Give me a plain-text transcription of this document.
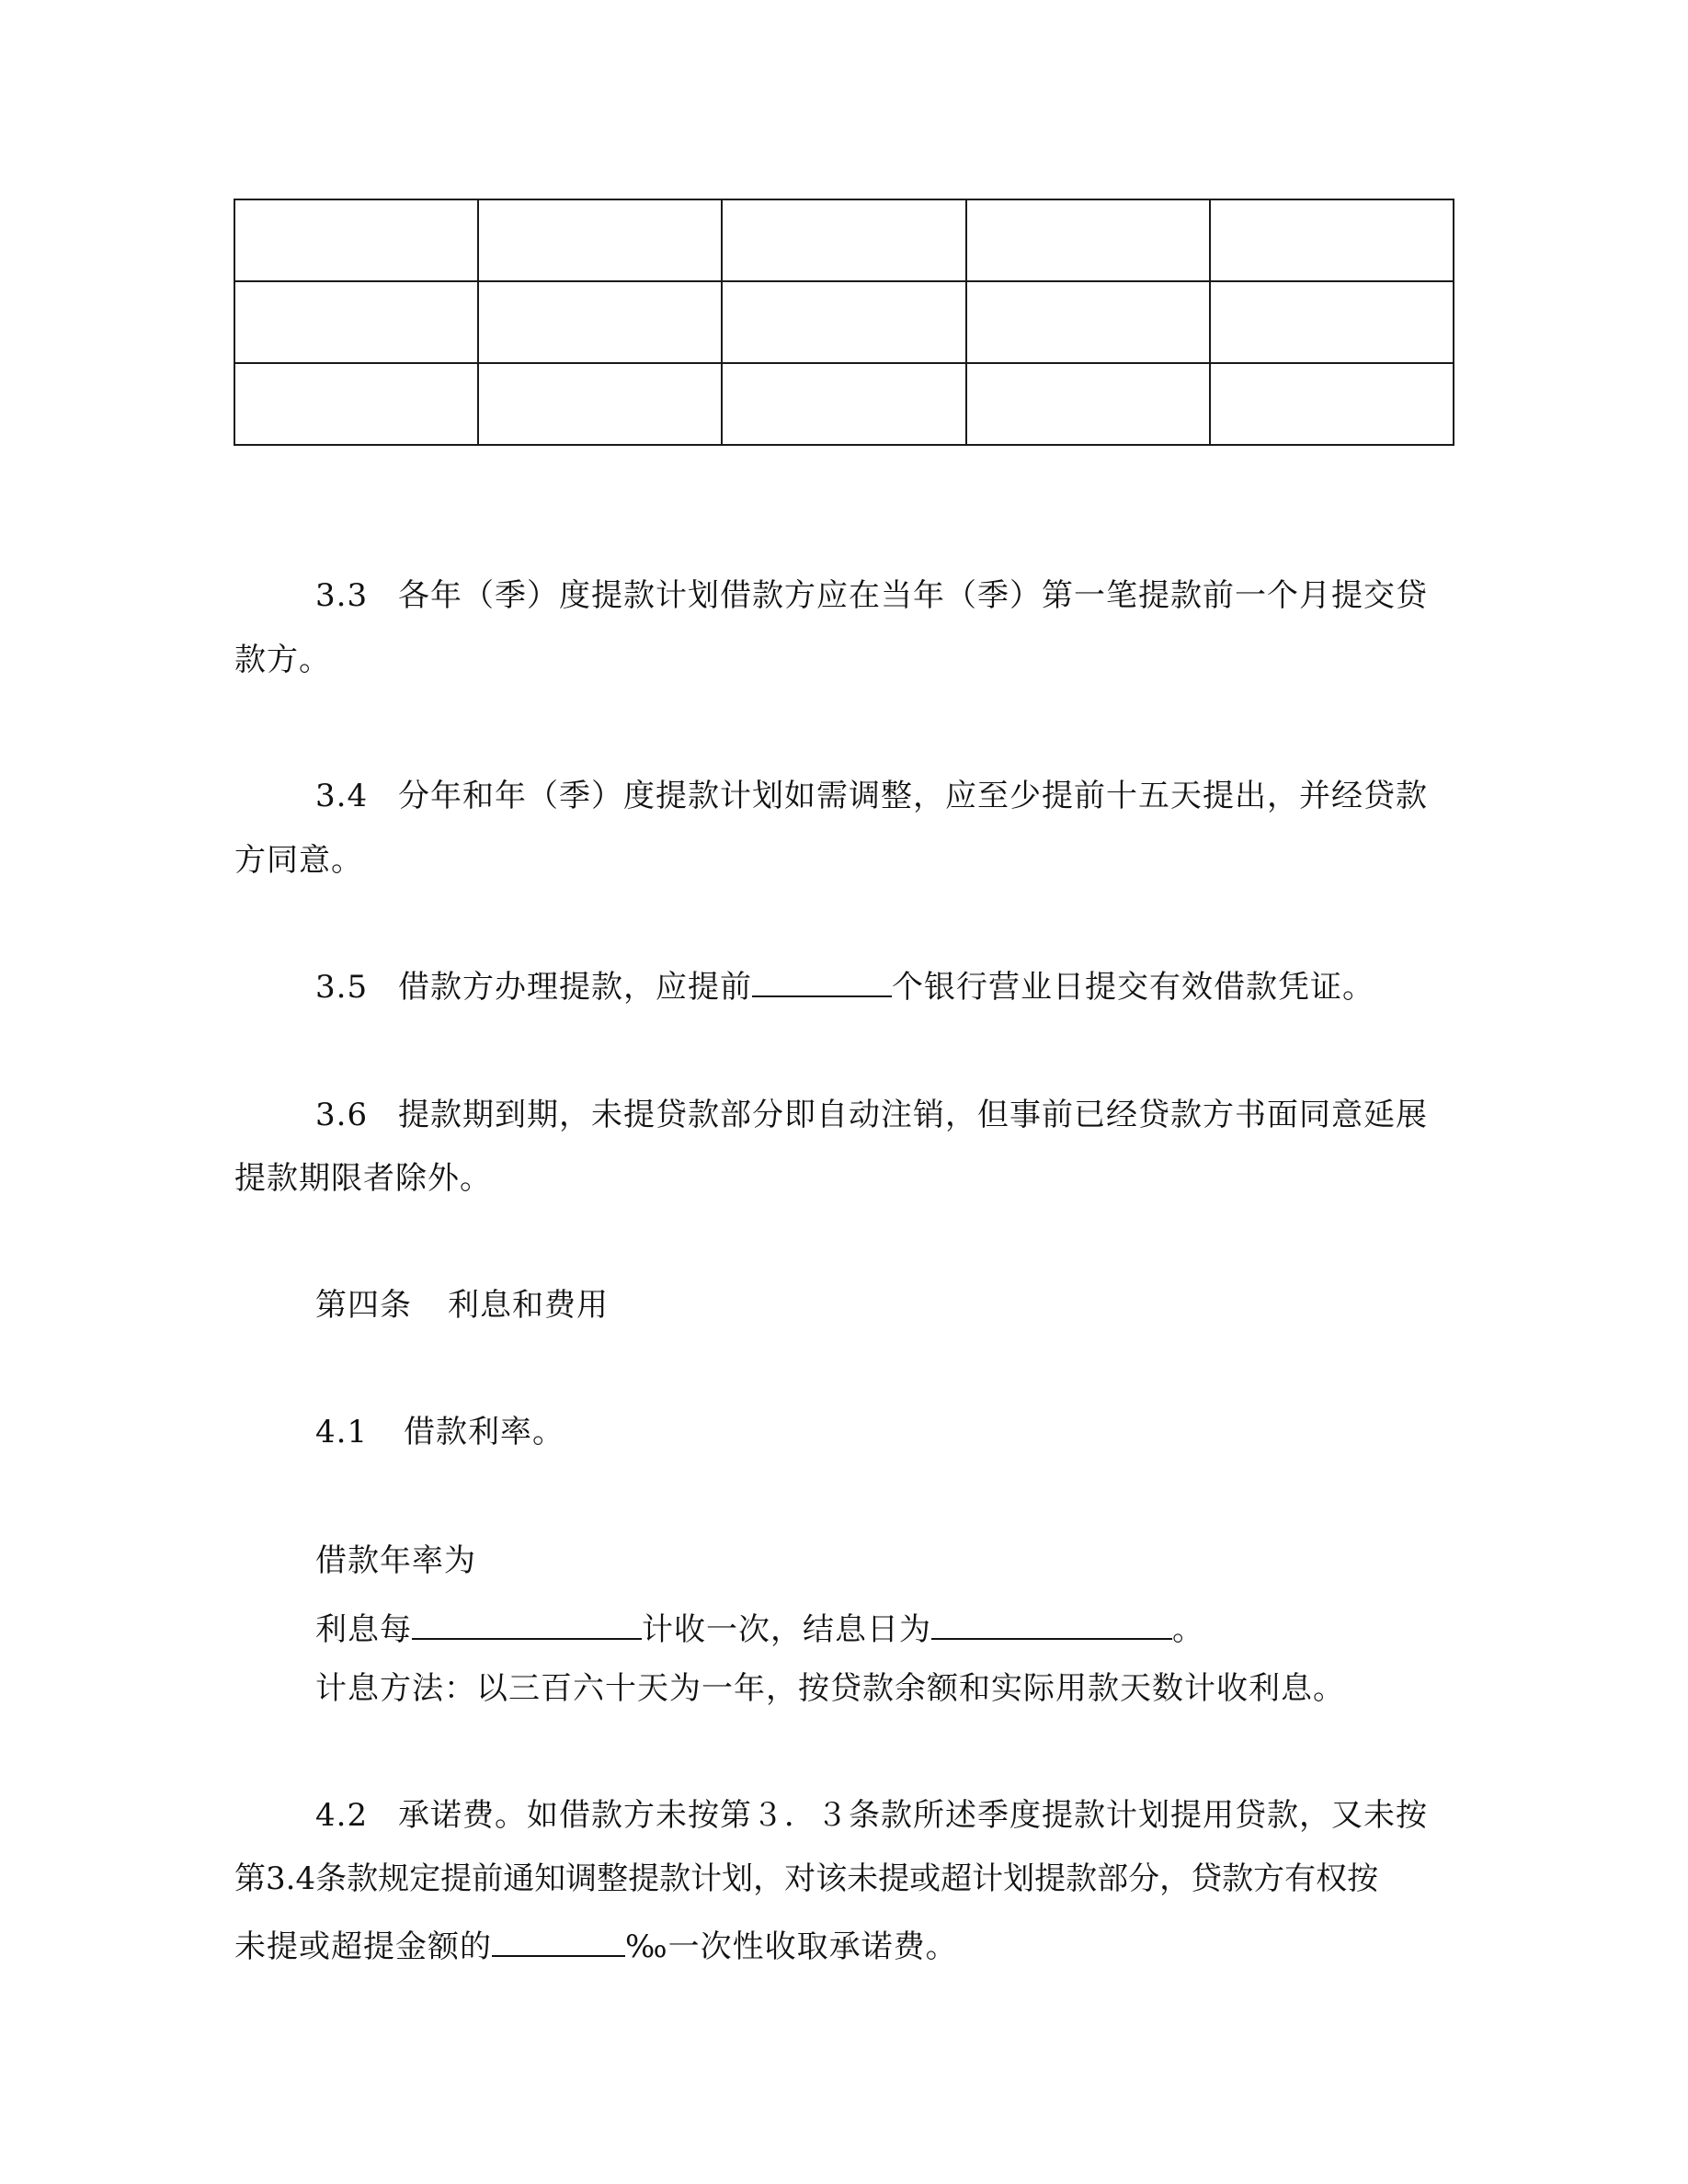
3.3 各年（季）度提款计划借款方应在当年（季）第一笔提款前一个月提交贷
款方。
3.4 分年和年（季）度提款计划如需调整，应至少提前十五天提出，并经贷款
方同意。
3.5 借款方办理提款，应提前	个银行营业日提交有效借款凭证。
3.6 提款期到期，未提贷款部分即自动注销，但事前已经贷款方书面同意延展
提款期限者除外。
第四条 利息和费用
4.1 借款利率。
借款年率为
利息每	计收一次，结息日为	。
计息方法：以三百六十天为一年，按贷款余额和实际用款天数计收利息。
4.2 承诺费。如借款方未按第３．３条款所述季度提款计划提用贷款，又未按
第3.4条款规定提前通知调整提款计划，对该未提或超计划提款部分，贷款方有权按
未提或超提金额的	‰一次性收取承诺费。
